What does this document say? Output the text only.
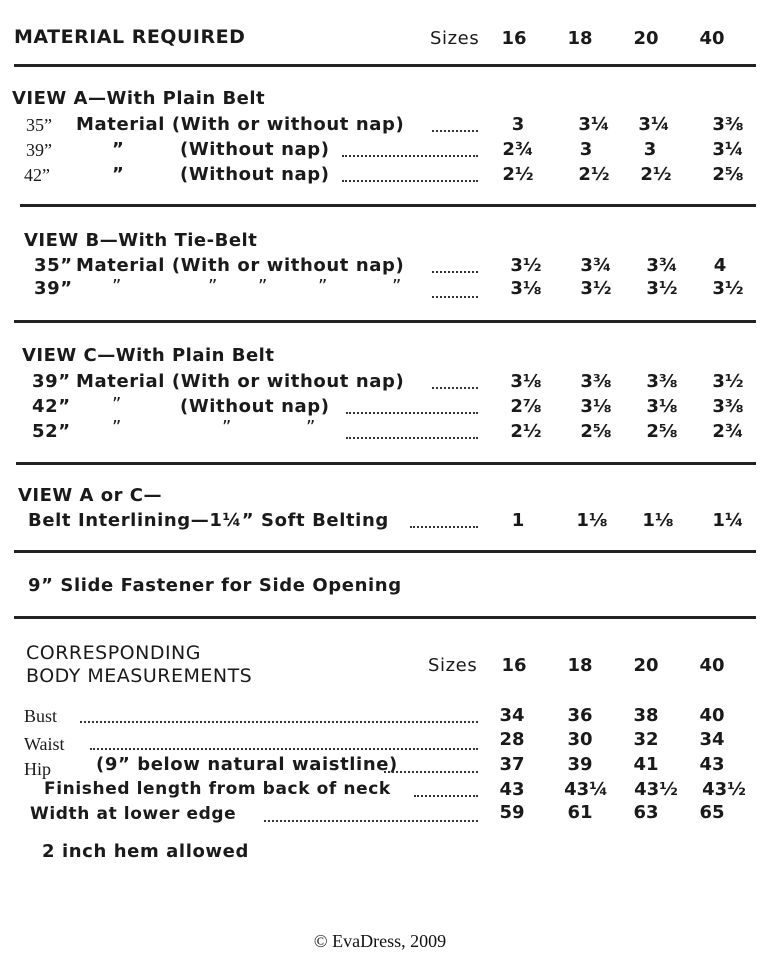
MATERIAL REQUIRED	Sizes	16	18	20	40
VIEW A—With Plain Belt
35” Material (With or without nap)	3	3¼	3¼	3⅜
39”	”	(Without nap)	2¾	3	3	3¼
42”	”	(Without nap)	2½	2½	2½	2⅝
VIEW B—With Tie-Belt
35” Material (With or without nap)	3½	3¾	3¾	4
39” ”	” ”	”	”	3⅛	3½	3½	3½
VIEW C—With Plain Belt
39” Material (With or without nap)	3⅛	3⅜	3⅜	3½
42” ”	(Without nap)	2⅞	3⅛	3⅛	3⅜
52” ”	”	”	2½	2⅝	2⅝	2¾
VIEW A or C—
Belt Interlining—1¼” Soft Belting	1	1⅛	1⅛	1¼
9” Slide Fastener for Side Opening
CORRESPONDING
BODY MEASUREMENTS	Sizes	16	18	20	40
Bust	34	36	38	40
Waist	28	30	32	34
Hip	(9” below natural waistline)	37	39	41	43
Finished length from back of neck	43	43¼	43½	43½
Width at lower edge	59	61	63	65
2 inch hem allowed
© EvaDress, 2009
